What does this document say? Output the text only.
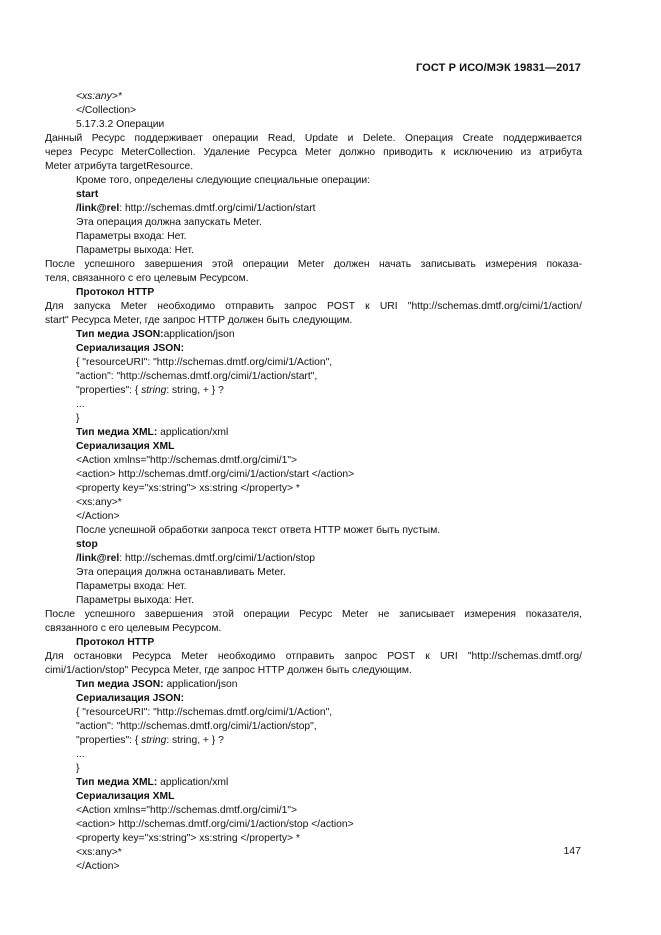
ГОСТ Р ИСО/МЭК 19831—2017
<xs:any>*
</Collection>
5.17.3.2 Операции
Данный Ресурс поддерживает операции Read, Update и Delete. Операция Create поддерживается
через Ресурс MeterCollection. Удаление Ресурса Meter должно приводить к исключению из атрибута
Meter атрибута targetResource.
Кроме того, определены следующие специальные операции:
start
/link@rel: http://schemas.dmtf.org/cimi/1/action/start
Эта операция должна запускать Meter.
Параметры входа: Нет.
Параметры выхода: Нет.
После успешного завершения этой операции Meter должен начать записывать измерения показа-
теля, связанного с его целевым Ресурсом.
Протокол HTTP
Для запуска Meter необходимо отправить запрос POST к URI "http://schemas.dmtf.org/cimi/1/action/
start" Ресурса Meter, где запрос HTTP должен быть следующим.
Тип медиа JSON:application/json
Сериализация JSON:
{ "resourceURI": "http://schemas.dmtf.org/cimi/1/Action",
"action": "http://schemas.dmtf.org/cimi/1/action/start",
"properties": { string: string, + } ?
...
}
Тип медиа XML: application/xml
Сериализация XML
<Action xmlns="http://schemas.dmtf.org/cimi/1">
<action> http://schemas.dmtf.org/cimi/1/action/start </action>
<property key="xs:string"> xs:string </property> *
<xs:any>*
</Action>
После успешной обработки запроса текст ответа HTTP может быть пустым.
stop
/link@rel: http://schemas.dmtf.org/cimi/1/action/stop
Эта операция должна останавливать Meter.
Параметры входа: Нет.
Параметры выхода: Нет.
После успешного завершения этой операции Ресурс Meter не записывает измерения показателя,
связанного с его целевым Ресурсом.
Протокол HTTP
Для остановки Ресурса Meter необходимо отправить запрос POST к URI "http://schemas.dmtf.org/
cimi/1/action/stop" Ресурса Meter, где запрос HTTP должен быть следующим.
Тип медиа JSON: application/json
Сериализация JSON:
{ "resourceURI": "http://schemas.dmtf.org/cimi/1/Action",
"action": "http://schemas.dmtf.org/cimi/1/action/stop",
"properties": { string: string, + } ?
...
}
Тип медиа XML: application/xml
Сериализация XML
<Action xmlns="http://schemas.dmtf.org/cimi/1">
<action> http://schemas.dmtf.org/cimi/1/action/stop </action>
<property key="xs:string"> xs:string </property> *
<xs:any>*
</Action>
147
